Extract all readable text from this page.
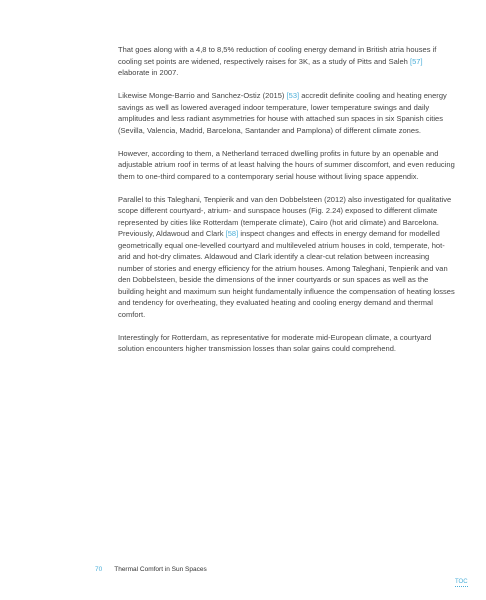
That goes along with a 4,8 to 8,5% reduction of cooling energy demand in British atria houses if cooling set points are widened, respectively raises for 3K, as a study of Pitts and Saleh [57] elaborate in 2007.

Likewise Monge-Barrio and Sanchez-Ostiz (2015) [53] accredit definite cooling and heating energy savings as well as lowered averaged indoor temperature, lower temperature swings and daily amplitudes and less radiant asymmetries for house with attached sun spaces in six Spanish cities (Sevilla, Valencia, Madrid, Barcelona, Santander and Pamplona) of different climate zones.

However, according to them, a Netherland terraced dwelling profits in future by an openable and adjustable atrium roof in terms of at least halving the hours of summer discomfort, and even reducing them to one-third compared to a contemporary serial house without living space appendix.

Parallel to this Taleghani, Tenpierik and van den Dobbelsteen (2012) also investigated for qualitative scope different courtyard-, atrium- and sunspace houses (Fig. 2.24) exposed to different climate represented by cities like Rotterdam (temperate climate), Cairo (hot arid climate) and Barcelona. Previously, Aldawoud and Clark [58] inspect changes and effects in energy demand for modelled geometrically equal one-levelled courtyard and multileveled atrium houses in cold, temperate, hot-arid and hot-dry climates. Aldawoud and Clark identify a clear-cut relation between increasing number of stories and energy efficiency for the atrium houses. Among Taleghani, Tenpierik and van den Dobbelsteen, beside the dimensions of the inner courtyards or sun spaces as well as the building height and maximum sun height fundamentally influence the compensation of heating losses and tendency for overheating, they evaluated heating and cooling energy demand and thermal comfort.

Interestingly for Rotterdam, as representative for moderate mid-European climate, a courtyard solution encounters higher transmission losses than solar gains could comprehend.

70 Thermal Comfort in Sun Spaces
TOC
